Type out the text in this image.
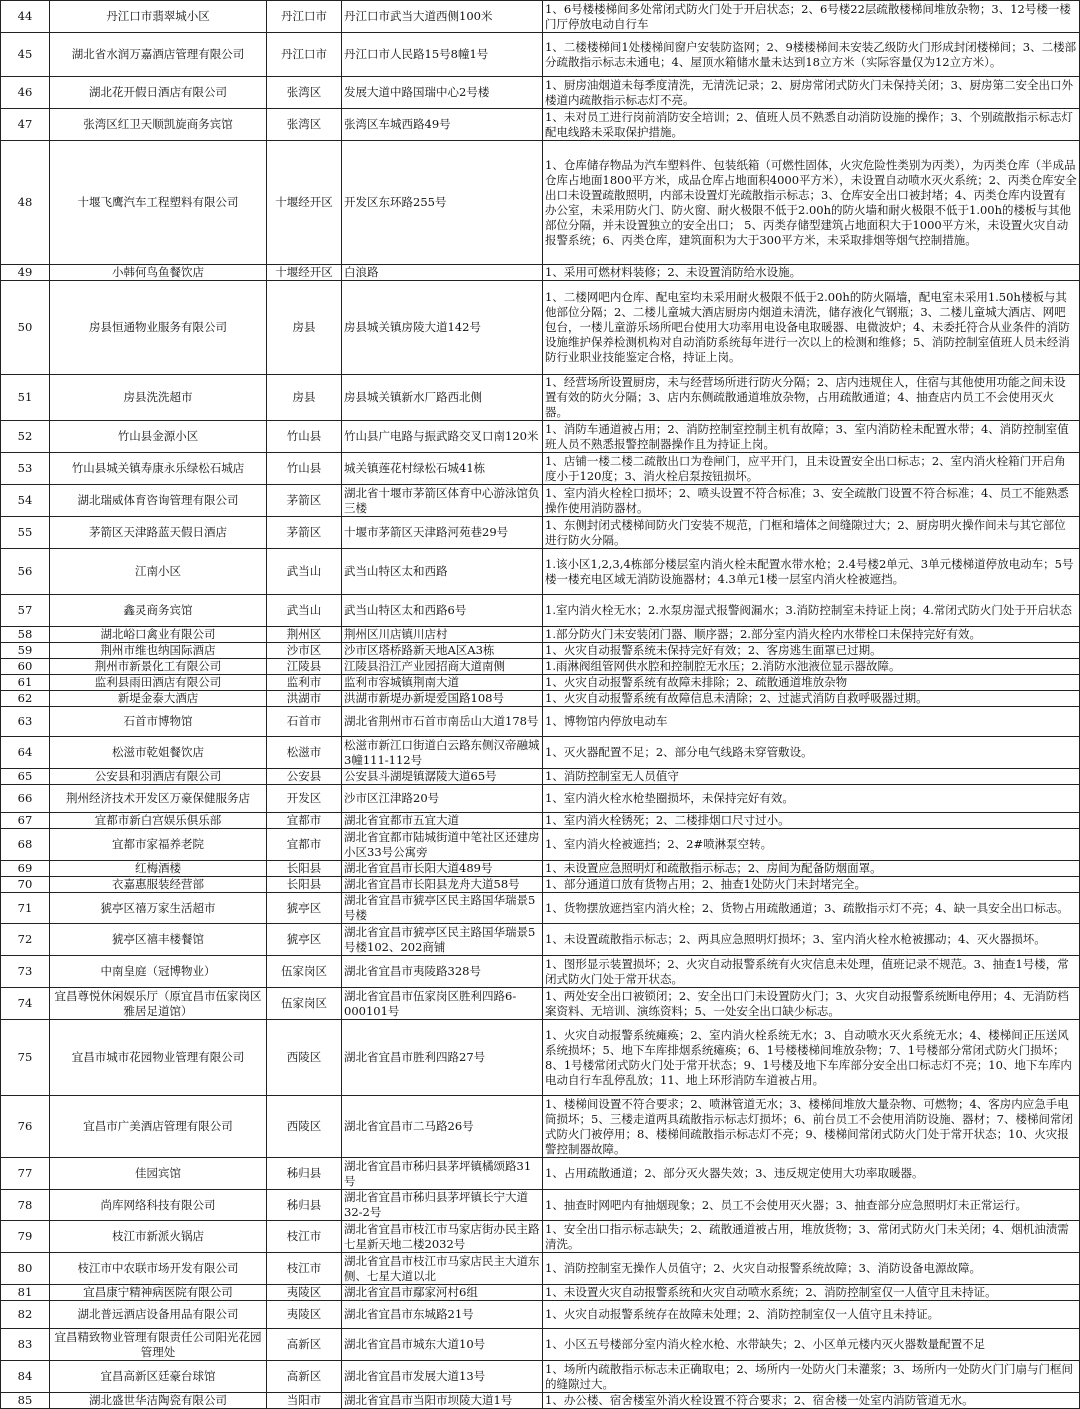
44	丹江口市翡翠城小区	丹江口市	丹江口市武当大道西侧100米	1、6号楼楼梯间多处常闭式防火门处于开启状态；2、6号楼22层疏散楼梯间堆放杂物；3、12号楼一楼门厅停放电动自行车
45	湖北省水润万嘉酒店管理有限公司	丹江口市	丹江口市人民路15号8幢1号	1、二楼楼梯间1处楼梯间窗户安装防盗网；2、9楼楼梯间未安装乙级防火门形成封闭楼梯间；3、二楼部分疏散指示标志未通电；4、屋顶水箱储水量未达到18立方米（实际容量仅为12立方米）。
46	湖北花开假日酒店有限公司	张湾区	发展大道中路国瑞中心2号楼	1、厨房油烟道未每季度清洗，无清洗记录；2、厨房常闭式防火门未保持关闭；3、厨房第二安全出口外楼道内疏散指示标志灯不亮。
47	张湾区红卫天顺凯旋商务宾馆	张湾区	张湾区车城西路49号	1、未对员工进行岗前消防安全培训；2、值班人员不熟悉自动消防设施的操作；3、个别疏散指示标志灯配电线路未采取保护措施。
48	十堰飞鹰汽车工程塑料有限公司	十堰经开区	开发区东环路255号	1、仓库储存物品为汽车塑料件、包装纸箱（可燃性固体，火灾危险性类别为丙类），为丙类仓库（半成品仓库占地面1800平方米，成品仓库占地面积4000平方米），未设置自动喷水灭火系统；2、丙类仓库安全出口未设置疏散照明，内部未设置灯光疏散指示标志；3、仓库安全出口被封堵；4、丙类仓库内设置有办公室，未采用防火门、防火窗、耐火极限不低于2.00h的防火墙和耐火极限不低于1.00h的楼板与其他部位分隔，并未设置独立的安全出口； 5、丙类存储型建筑占地面积大于1000平方米，未设置火灾自动报警系统；6、丙类仓库，建筑面积为大于300平方米，未采取排烟等烟气控制措施。
49	小韩何鸟鱼餐饮店	十堰经开区	白浪路	1、采用可燃材料装修；2、未设置消防给水设施。
50	房县恒通物业服务有限公司	房县	房县城关镇房陵大道142号	1、二楼网吧内仓库、配电室均未采用耐火极限不低于2.00h的防火隔墙，配电室未采用1.50h楼板与其他部位分隔；2、二楼儿童城大酒店厨房内烟道未清洗，储存液化气钢瓶；3、二楼儿童城大酒店、网吧包台，一楼儿童游乐场所吧台使用大功率用电设备电取暖器、电微波炉；4、未委托符合从业条件的消防设施维护保养检测机构对自动消防系统每年进行一次以上的检测和维修；5、消防控制室值班人员未经消防行业职业技能鉴定合格，持证上岗。
51	房县洗洗超市	房县	房县城关镇新水厂路西北侧	1、经营场所设置厨房，未与经营场所进行防火分隔；2、店内违规住人，住宿与其他使用功能之间未设置有效的防火分隔；3、店内东侧疏散通道堆放杂物，占用疏散通道；4、抽查店内员工不会使用灭火器。
52	竹山县金源小区	竹山县	竹山县广电路与振武路交叉口南120米	1、消防车通道被占用；2、消防控制室控制主机有故障；3、室内消防栓未配置水带；4、消防控制室值班人员不熟悉报警控制器操作且为持证上岗。
53	竹山县城关镇寿康永乐绿松石城店	竹山县	城关镇莲花村绿松石城41栋	1、店铺一楼二楼二疏散出口为卷闸门，应平开门，且未设置安全出口标志；2、室内消火栓箱门开启角度小于120度；3、消火栓启泵按钮损坏。
54	湖北瑞威体育咨询管理有限公司	茅箭区	湖北省十堰市茅箭区体育中心游泳馆负三楼	1、室内消火栓栓口损坏；2、喷头设置不符合标准；3、安全疏散门设置不符合标准；4、员工不能熟悉操作使用消防器材。
55	茅箭区天津路蓝天假日酒店	茅箭区	十堰市茅箭区天津路河苑巷29号	1、东侧封闭式楼梯间防火门安装不规范，门框和墙体之间缝隙过大；2、厨房明火操作间未与其它部位进行防火分隔。
56	江南小区	武当山	武当山特区太和西路	1.该小区1,2,3,4栋部分楼层室内消火栓未配置水带水枪；2.4号楼2单元、3单元楼梯道停放电动车；5号楼一楼充电区域无消防设施器材；4.3单元1楼一层室内消火栓被遮挡。
57	鑫灵商务宾馆	武当山	武当山特区太和西路6号	1.室内消火栓无水；2.水泵房湿式报警阀漏水；3.消防控制室未持证上岗；4.常闭式防火门处于开启状态
58	湖北峪口禽业有限公司	荆州区	荆州区川店镇川店村	1.部分防火门未安装闭门器、顺序器；2.部分室内消火栓内水带栓口未保持完好有效。
59	荆州市维也纳国际酒店	沙市区	沙市区塔桥路新天地A区A3栋	1、火灾自动报警系统未保持完好有效；2、客房逃生面罩已过期。
60	荆州市新景化工有限公司	江陵县	江陵县沿江产业园招商大道南侧	1.雨淋阀组管网供水腔和控制腔无水压；2.消防水池液位显示器故障。
61	监利县雨田酒店有限公司	监利市	监利市容城镇荆南大道	1、火灾自动报警系统有故障未排除；2、疏散通道堆放杂物
62	新堤金泰大酒店	洪湖市	洪湖市新堤办新堤爱国路108号	1、火灾自动报警系统有故障信息未清除；2、过滤式消防自救呼吸器过期。
63	石首市博物馆	石首市	湖北省荆州市石首市南岳山大道178号	1、博物馆内停放电动车
64	松滋市乾姐餐饮店	松滋市	松滋市新江口街道白云路东侧汉帝融城3幢111-112号	1、灭火器配置不足；2、部分电气线路未穿管敷设。
65	公安县和羽酒店有限公司	公安县	公安县斗湖堤镇潺陵大道65号	1、消防控制室无人员值守
66	荆州经济技术开发区万豪保健服务店	开发区	沙市区江津路20号	1、室内消火栓水枪垫圈损坏，未保持完好有效。
67	宜都市新白宫娱乐俱乐部	宜都市	湖北省宜都市五宜大道	1、室内消火栓锈死；2、二楼排烟口尺寸过小。
68	宜都市家福养老院	宜都市	湖北省宜都市陆城街道中笔社区还建房小区33号公寓旁	1、室内消火栓被遮挡；2、2#喷淋泵空转。
69	红梅酒楼	长阳县	湖北省宜昌市长阳大道489号	1、未设置应急照明灯和疏散指示标志；2、房间为配备防烟面罩。
70	衣嘉惠服装经营部	长阳县	湖北省宜昌市长阳县龙舟大道58号	1、部分通道口放有货物占用；2、抽查1处防火门未封堵完全。
71	猇亭区禧万家生活超市	猇亭区	湖北省宜昌市猇亭区民主路国华瑞景5号楼	1、货物摆放遮挡室内消火栓；2、货物占用疏散通道；3、疏散指示灯不亮；4、缺一具安全出口标志。
72	猇亭区禧丰楼餐馆	猇亭区	湖北省宜昌市猇亭区民主路国华瑞景5号楼102、202商铺	1、未设置疏散指示标志；2、两具应急照明灯损坏；3、室内消火栓水枪被挪动；4、灭火器损坏。
73	中南皇庭（冠博物业）	伍家岗区	湖北省宜昌市夷陵路328号	1、图形显示装置损坏；2、火灾自动报警系统有火灾信息未处理，值班记录不规范。3、抽查1号楼，常闭式防火门处于常开状态。
74	宜昌尊悦休闲娱乐厅（原宜昌市伍家岗区雅居足道馆）	伍家岗区	湖北省宜昌市伍家岗区胜利四路6-000101号	1、两处安全出口被锁闭；2、安全出口门未设置防火门；3、火灾自动报警系统断电停用；4、无消防档案资料、无培训、演练资料；5、一处安全出口缺少标志。
75	宜昌市城市花园物业管理有限公司	西陵区	湖北省宜昌市胜利四路27号	1、火灾自动报警系统瘫痪；2、室内消火栓系统无水；3、自动喷水灭火系统无水；4、楼梯间正压送风系统损坏；5、地下车库排烟系统瘫痪；6、1号楼楼梯间堆放杂物；7、1号楼部分常闭式防火门损坏；8、1号楼常闭式防火门处于常开状态；9、1号楼及地下车库部分安全出口标志灯不亮；10、地下车库内电动自行车乱停乱放；11、地上环形消防车道被占用。
76	宜昌市广美酒店管理有限公司	西陵区	湖北省宜昌市二马路26号	1、楼梯间设置不符合要求；2、喷淋管道无水；3、楼梯间堆放大量杂物、可燃物；4、客房内应急手电筒损坏；5、三楼走道两具疏散指示标志灯损坏；6、前台员工不会使用消防设施、器材；7、楼梯间常闭式防火门被停用；8、楼梯间疏散指示标志灯不亮；9、楼梯间常闭式防火门处于常开状态；10、火灾报警控制器故障。
77	佳园宾馆	秭归县	湖北省宜昌市秭归县茅坪镇橘颂路31号	1、占用疏散通道；2、部分灭火器失效；3、违反规定使用大功率取暖器。
78	尚库网络科技有限公司	秭归县	湖北省宜昌市秭归县茅坪镇长宁大道32-2号	1、抽查时网吧内有抽烟现象；2、员工不会使用灭火器；3、抽查部分应急照明灯未正常运行。
79	枝江市新派火锅店	枝江市	湖北省宜昌市枝江市马家店街办民主路七星新天地二楼2032号	1、安全出口指示标志缺失；2、疏散通道被占用，堆放货物；3、常闭式防火门未关闭；4、烟机油渍需清洗。
80	枝江市中农联市场开发有限公司	枝江市	湖北省宜昌市枝江市马家店民主大道东侧、七星大道以北	1、消防控制室无操作人员值守；2、火灾自动报警系统故障；3、消防设备电源故障。
81	宜昌康宁精神病医院有限公司	夷陵区	湖北省宜昌市鄢家河村6组	1、未设置火灾自动报警系统和火灾自动喷水系统；2、消防控制室仅一人值守且未持证。
82	湖北普远酒店设备用品有限公司	夷陵区	湖北省宜昌市东城路21号	1、火灾自动报警系统存在故障未处理；2、消防控制室仅一人值守且未持证。
83	宜昌精致物业管理有限责任公司阳光花园管理处	高新区	湖北省宜昌市城东大道10号	1、小区五号楼部分室内消火栓水枪、水带缺失；2、小区单元楼内灭火器数量配置不足
84	宜昌高新区廷豪台球馆	高新区	湖北省宜昌市发展大道13号	1、场所内疏散指示标志未正确取电；2、场所内一处防火门未灌浆；3、场所内一处防火门门扇与门框间的缝隙过大。
85	湖北盛世华洁陶瓷有限公司	当阳市	湖北省宜昌市当阳市坝陵大道1号	1、办公楼、宿舍楼室外消火栓设置不符合要求；2、宿舍楼一处室内消防管道无水。
